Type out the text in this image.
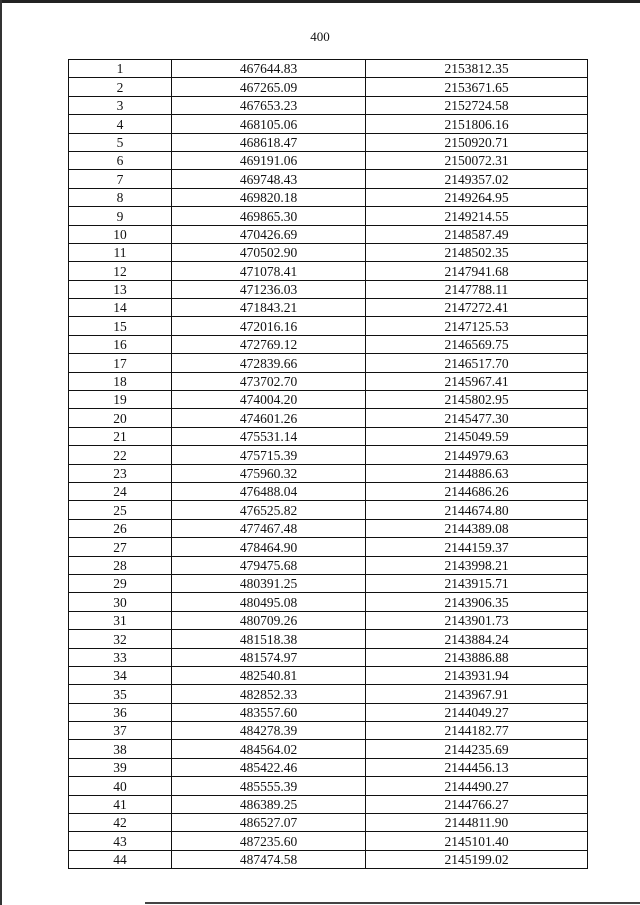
400
1	467644.83	2153812.35
2	467265.09	2153671.65
3	467653.23	2152724.58
4	468105.06	2151806.16
5	468618.47	2150920.71
6	469191.06	2150072.31
7	469748.43	2149357.02
8	469820.18	2149264.95
9	469865.30	2149214.55
10	470426.69	2148587.49
11	470502.90	2148502.35
12	471078.41	2147941.68
13	471236.03	2147788.11
14	471843.21	2147272.41
15	472016.16	2147125.53
16	472769.12	2146569.75
17	472839.66	2146517.70
18	473702.70	2145967.41
19	474004.20	2145802.95
20	474601.26	2145477.30
21	475531.14	2145049.59
22	475715.39	2144979.63
23	475960.32	2144886.63
24	476488.04	2144686.26
25	476525.82	2144674.80
26	477467.48	2144389.08
27	478464.90	2144159.37
28	479475.68	2143998.21
29	480391.25	2143915.71
30	480495.08	2143906.35
31	480709.26	2143901.73
32	481518.38	2143884.24
33	481574.97	2143886.88
34	482540.81	2143931.94
35	482852.33	2143967.91
36	483557.60	2144049.27
37	484278.39	2144182.77
38	484564.02	2144235.69
39	485422.46	2144456.13
40	485555.39	2144490.27
41	486389.25	2144766.27
42	486527.07	2144811.90
43	487235.60	2145101.40
44	487474.58	2145199.02
